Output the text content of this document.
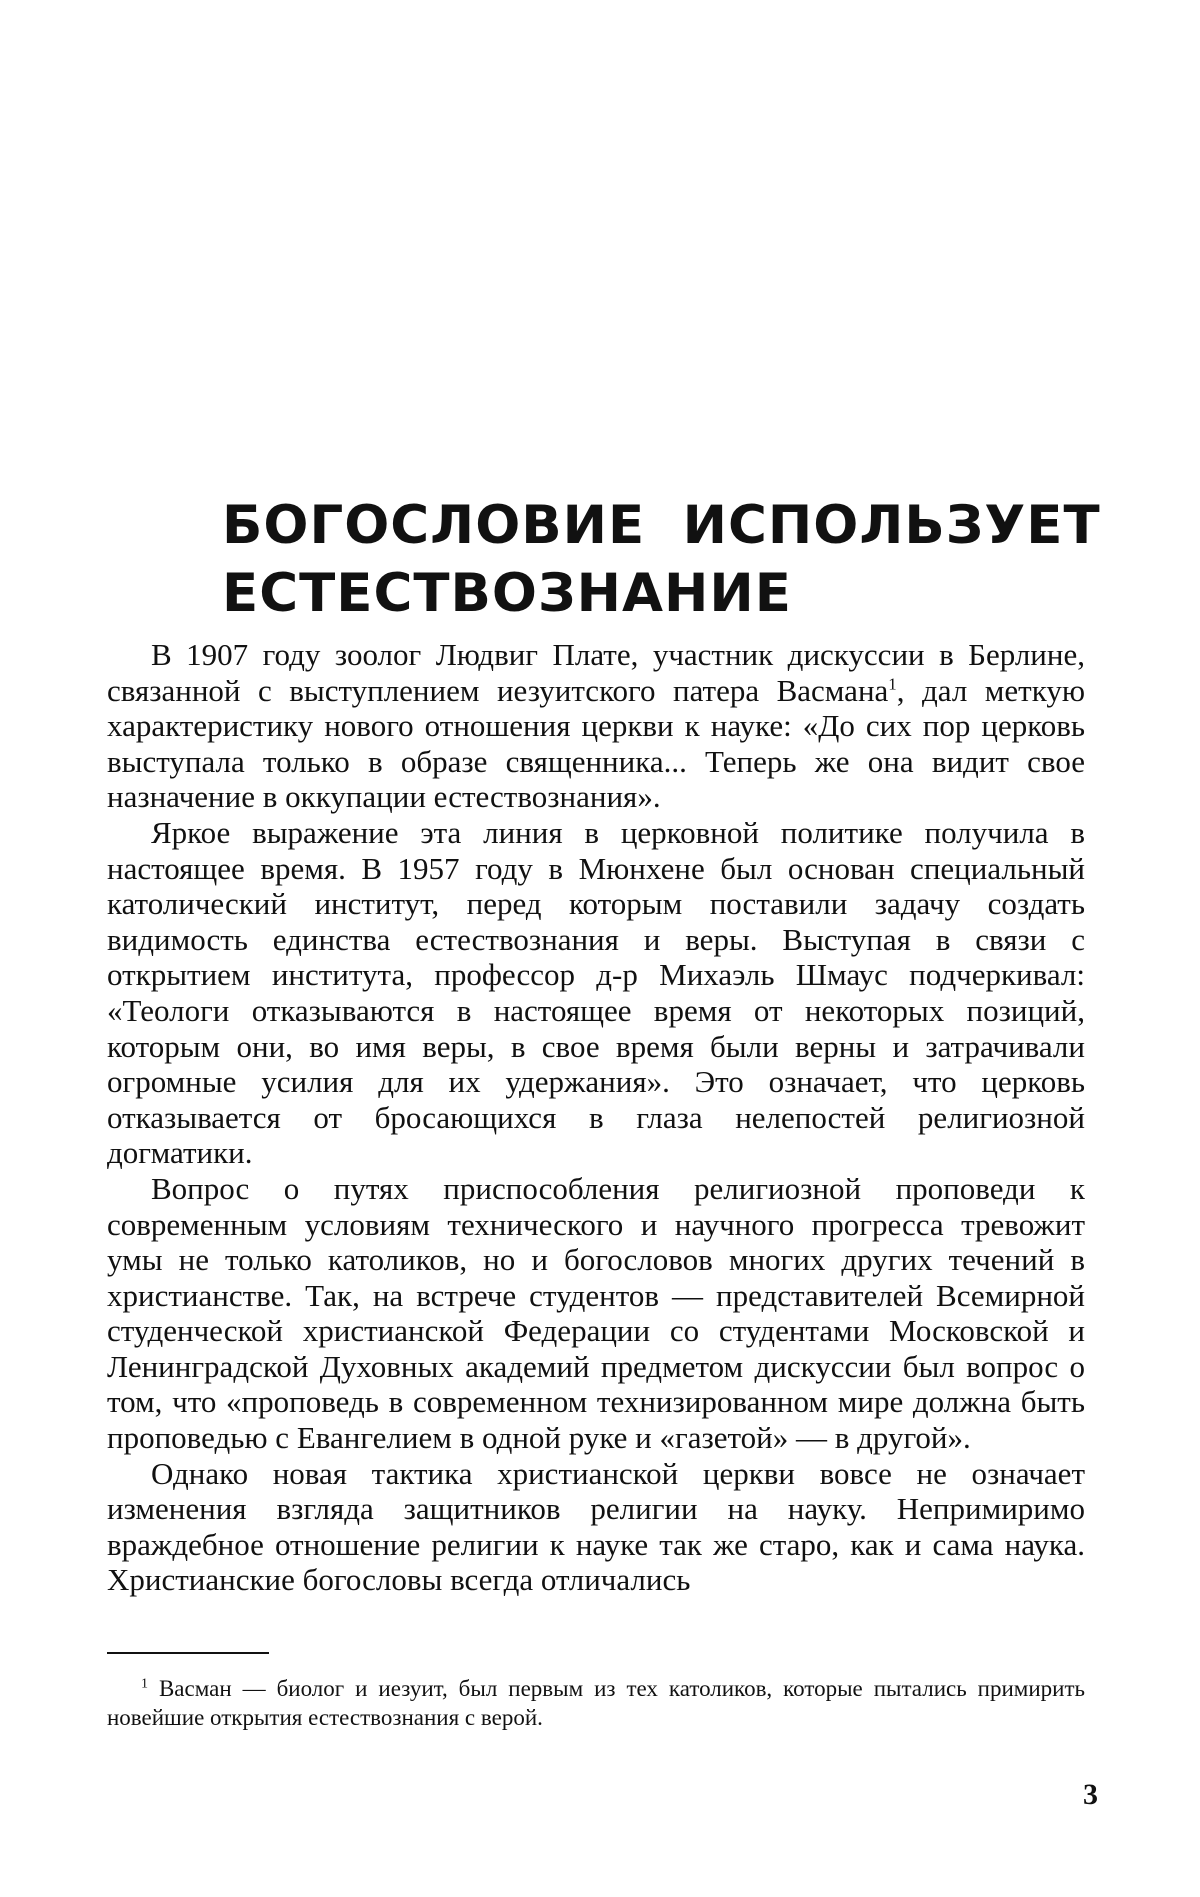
БОГОСЛОВИЕ ИСПОЛЬЗУЕТ
ЕСТЕСТВОЗНАНИЕ

В 1907 году зоолог Людвиг Плате, участник дискуссии в Берлине, связанной с выступлением иезуитского патера Васмана$^1$, дал меткую характеристику нового отношения церкви к науке: «До сих пор церковь выступала только в образе священника... Теперь же она видит свое назначение в оккупации естествознания».

Яркое выражение эта линия в церковной политике получила в настоящее время. В 1957 году в Мюнхене был основан специальный католический институт, перед которым поставили задачу создать видимость единства естествознания и веры. Выступая в связи с открытием института, профессор д-р Михаэль Шмаус подчеркивал: «Теологи отказываются в настоящее время от некоторых позиций, которым они, во имя веры, в свое время были верны и затрачивали огромные усилия для их удержания». Это означает, что церковь отказывается от бросающихся в глаза нелепостей религиозной догматики.

Вопрос о путях приспособления религиозной проповеди к современным условиям технического и научного прогресса тревожит умы не только католиков, но и богословов многих других течений в христианстве. Так, на встрече студентов — представителей Всемирной студенческой христианской Федерации со студентами Московской и Ленинградской Духовных академий предметом дискуссии был вопрос о том, что «проповедь в современном технизированном мире должна быть проповедью с Евангелием в одной руке и «газетой» — в другой».

Однако новая тактика христианской церкви вовсе не означает изменения взгляда защитников религии на науку. Непримиримо враждебное отношение религии к науке так же старо, как и сама наука. Христианские богословы всегда отличались

$^1$ Васман — биолог и иезуит, был первым из тех католиков, которые пытались примирить новейшие открытия естествознания с верой.

3
